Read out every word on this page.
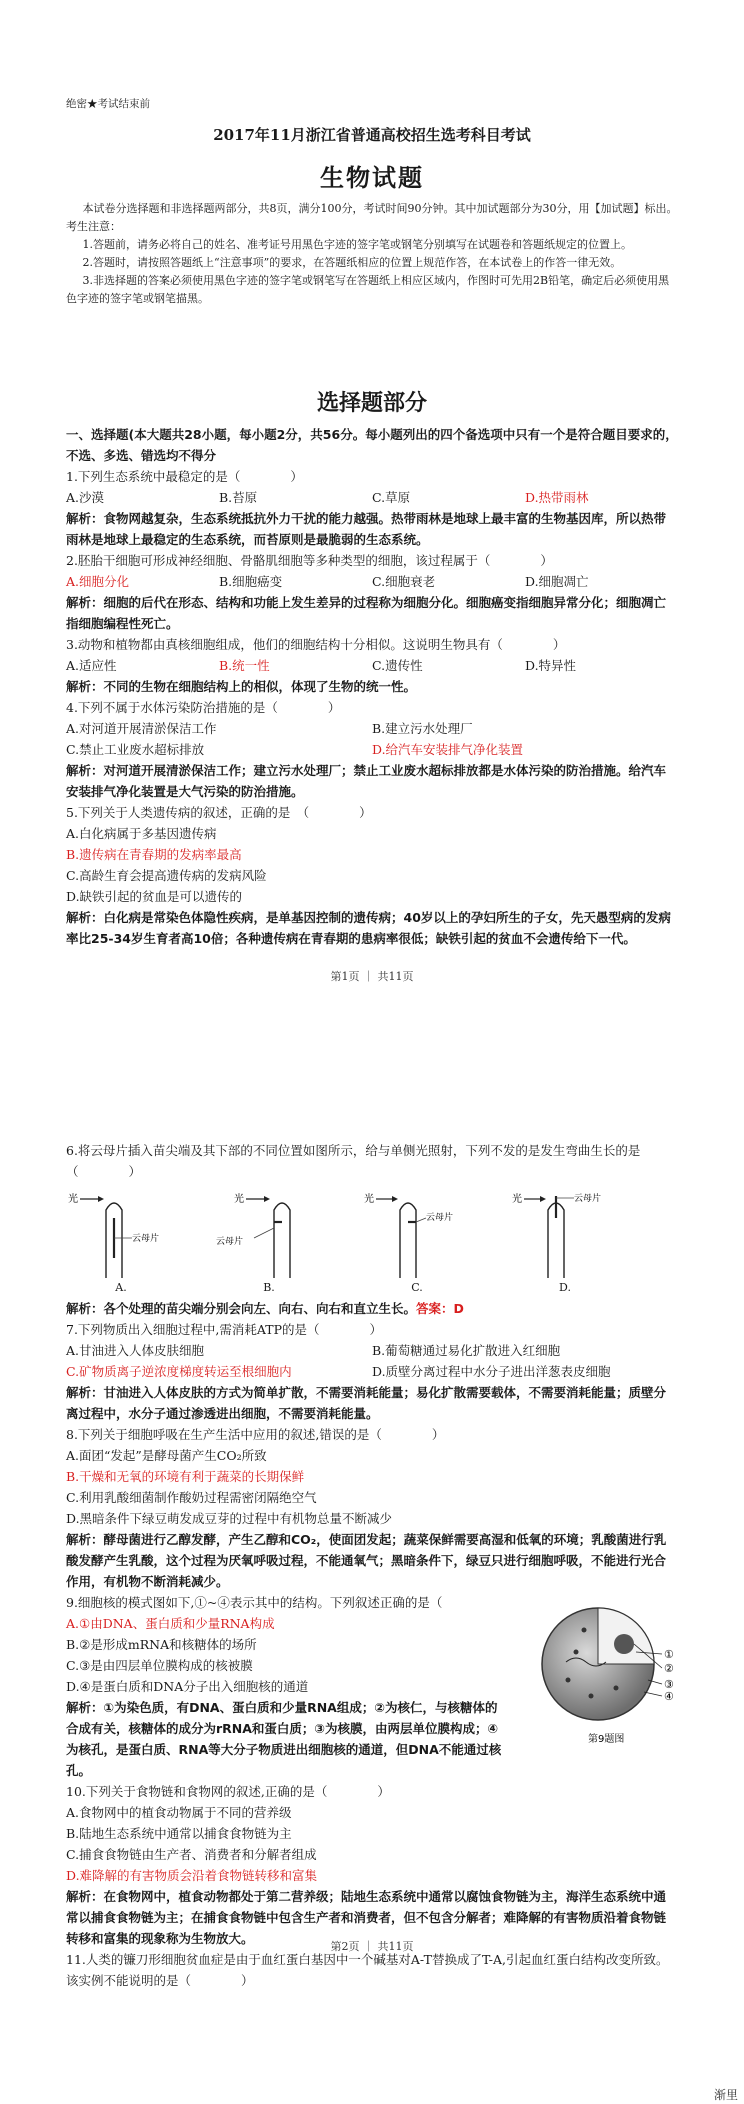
绝密★考试结束前
2017年11月浙江省普通高校招生选考科目考试
生物试题

本试卷分选择题和非选择题两部分，共8页，满分100分，考试时间90分钟。其中加试题部分为30分，用【加试题】标出。

考生注意：

1.答题前，请务必将自己的姓名、准考证号用黑色字迹的签字笔或钢笔分别填写在试题卷和答题纸规定的位置上。

2.答题时，请按照答题纸上“注意事项”的要求，在答题纸相应的位置上规范作答，在本试卷上的作答一律无效。

3.非选择题的答案必须使用黑色字迹的签字笔或钢笔写在答题纸上相应区域内，作图时可先用2B铅笔，确定后必须使用黑色字迹的签字笔或钢笔描黑。

选择题部分

一、选择题(本大题共28小题，每小题2分，共56分。每小题列出的四个备选项中只有一个是符合题目要求的，不选、多选、错选均不得分

1.下列生态系统中最稳定的是（　　　　）

A.沙漠	B.苔原	C.草原	D.热带雨林

解析：食物网越复杂，生态系统抵抗外力干扰的能力越强。热带雨林是地球上最丰富的生物基因库，所以热带雨林是地球上最稳定的生态系统，而苔原则是最脆弱的生态系统。

2.胚胎干细胞可形成神经细胞、骨骼肌细胞等多种类型的细胞，该过程属于（　　　　）

A.细胞分化	B.细胞癌变	C.细胞衰老	D.细胞凋亡

解析：细胞的后代在形态、结构和功能上发生差异的过程称为细胞分化。细胞癌变指细胞异常分化；细胞凋亡指细胞编程性死亡。

3.动物和植物都由真核细胞组成，他们的细胞结构十分相似。这说明生物具有（　　　　）

A.适应性	B.统一性	C.遗传性	D.特异性

解析：不同的生物在细胞结构上的相似，体现了生物的统一性。

4.下列不属于水体污染防治措施的是（　　　　）

A.对河道开展清淤保洁工作	B.建立污水处理厂
C.禁止工业废水超标排放	D.给汽车安装排气净化装置

解析：对河道开展清淤保洁工作；建立污水处理厂；禁止工业废水超标排放都是水体污染的防治措施。给汽车安装排气净化装置是大气污染的防治措施。

5.下列关于人类遗传病的叙述，正确的是　（　　　　）

A.白化病属于多基因遗传病

B.遗传病在青春期的发病率最高

C.高龄生育会提高遗传病的发病风险

D.缺铁引起的贫血是可以遗传的

解析：白化病是常染色体隐性疾病，是单基因控制的遗传病；40岁以上的孕妇所生的子女，先天愚型病的发病率比25-34岁生育者高10倍；各种遗传病在青春期的患病率很低；缺铁引起的贫血不会遗传给下一代。

第1页 ｜ 共11页

6.将云母片插入苗尖端及其下部的不同位置如图所示，给与单侧光照射，下列不发的是发生弯曲生长的是（　　　　）

光
云母片
A.
光
云母片
B.
光
云母片
C.
光	云母片
D.

解析：各个处理的苗尖端分别会向左、向右、向右和直立生长。答案：D

7.下列物质出入细胞过程中,需消耗ATP的是（　　　　）

A.甘油进入人体皮肤细胞	B.葡萄糖通过易化扩散进入红细胞
C.矿物质离子逆浓度梯度转运至根细胞内	D.质壁分离过程中水分子进出洋葱表皮细胞

解析：甘油进入人体皮肤的方式为简单扩散，不需要消耗能量；易化扩散需要载体，不需要消耗能量；质壁分离过程中，水分子通过渗透进出细胞，不需要消耗能量。

8.下列关于细胞呼吸在生产生活中应用的叙述,错误的是（　　　　）

A.面团“发起”是酵母菌产生CO₂所致

B.干燥和无氧的环境有利于蔬菜的长期保鲜

C.利用乳酸细菌制作酸奶过程需密闭隔绝空气

D.黑暗条件下绿豆萌发成豆芽的过程中有机物总量不断减少

解析：酵母菌进行乙醇发酵，产生乙醇和CO₂，使面团发起；蔬菜保鲜需要高湿和低氧的环境；乳酸菌进行乳酸发酵产生乳酸，这个过程为厌氧呼吸过程，不能通氧气；黑暗条件下，绿豆只进行细胞呼吸，不能进行光合作用，有机物不断消耗减少。

9.细胞核的模式图如下,①~④表示其中的结构。下列叙述正确的是（

A.①由DNA、蛋白质和少量RNA构成

B.②是形成mRNA和核糖体的场所

C.③是由四层单位膜构成的核被膜

D.④是蛋白质和DNA分子出入细胞核的通道

解析：①为染色质，有DNA、蛋白质和少量RNA组成；②为核仁，与核糖体的合成有关，核糖体的成分为rRNA和蛋白质；③为核膜，由两层单位膜构成；④为核孔，是蛋白质、RNA等大分子物质进出细胞核的通道，但DNA不能通过核孔。

①
②
③
④
第9题图

10.下列关于食物链和食物网的叙述,正确的是（　　　　）

A.食物网中的植食动物属于不同的营养级

B.陆地生态系统中通常以捕食食物链为主

C.捕食食物链由生产者、消费者和分解者组成

D.难降解的有害物质会沿着食物链转移和富集

解析：在食物网中，植食动物都处于第二营养级；陆地生态系统中通常以腐蚀食物链为主，海洋生态系统中通常以捕食食物链为主；在捕食食物链中包含生产者和消费者，但不包含分解者；难降解的有害物质沿着食物链转移和富集的现象称为生物放大。

11.人类的镰刀形细胞贫血症是由于血红蛋白基因中一个碱基对A-T替换成了T-A,引起血红蛋白结构改变所致。该实例不能说明的是（　　　　）

第2页 ｜ 共11页
渐里
